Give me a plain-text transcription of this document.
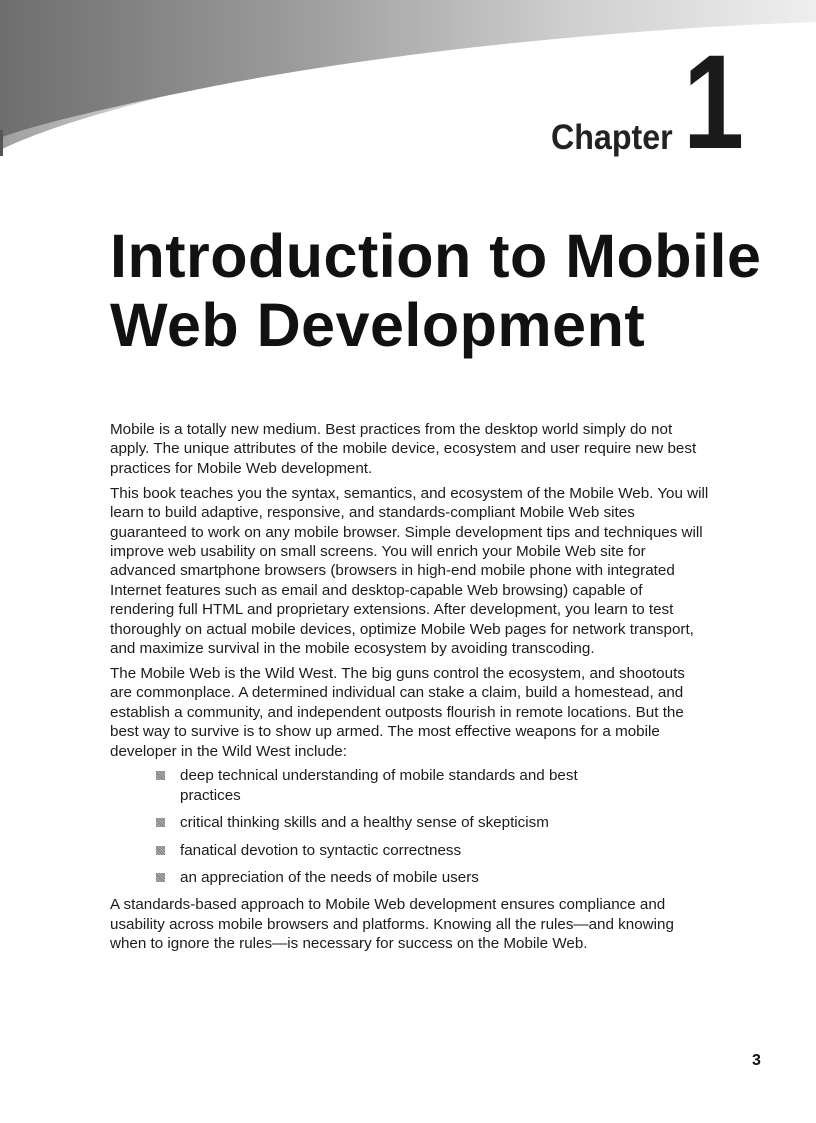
Chapter 1
Introduction to Mobile
Web Development

Mobile is a totally new medium. Best practices from the desktop world simply do not apply. The unique attributes of the mobile device, ecosystem and user require new best practices for Mobile Web development.

This book teaches you the syntax, semantics, and ecosystem of the Mobile Web. You will learn to build adaptive, responsive, and standards-compliant Mobile Web sites guaranteed to work on any mobile browser. Simple development tips and techniques will improve web usability on small screens. You will enrich your Mobile Web site for advanced smartphone browsers (browsers in high-end mobile phone with integrated Internet features such as email and desktop-capable Web browsing) capable of rendering full HTML and proprietary extensions. After development, you learn to test thoroughly on actual mobile devices, optimize Mobile Web pages for network transport, and maximize survival in the mobile ecosystem by avoiding transcoding.

The Mobile Web is the Wild West. The big guns control the ecosystem, and shootouts are commonplace. A determined individual can stake a claim, build a homestead, and establish a community, and independent outposts flourish in remote locations. But the best way to survive is to show up armed. The most effective weapons for a mobile developer in the Wild West include:

deep technical understanding of mobile standards and best practices
critical thinking skills and a healthy sense of skepticism
fanatical devotion to syntactic correctness
an appreciation of the needs of mobile users

A standards-based approach to Mobile Web development ensures compliance and usability across mobile browsers and platforms. Knowing all the rules—and knowing when to ignore the rules—is necessary for success on the Mobile Web.

3
